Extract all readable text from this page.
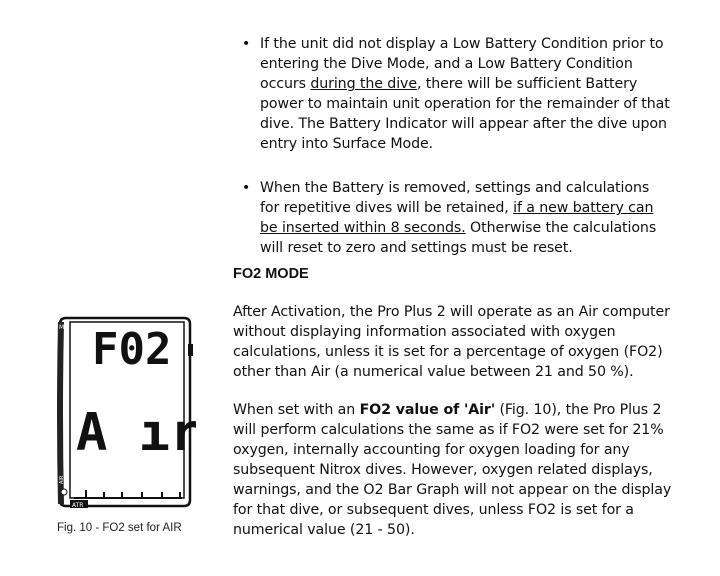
• If the unit did not display a Low Battery Condition prior to entering the Dive Mode, and a Low Battery Condition occurs during the dive, there will be sufficient Battery power to maintain unit operation for the remainder of that dive. The Battery Indicator will appear after the dive upon entry into Surface Mode.
• When the Battery is removed, settings and calculations for repetitive dives will be retained, if a new battery can be inserted within 8 seconds. Otherwise the calculations will reset to zero and settings must be reset.
FO2 MODE
After Activation, the Pro Plus 2 will operate as an Air computer without displaying information associated with oxygen calculations, unless it is set for a percentage of oxygen (FO2) other than Air (a numerical value between 21 and 50 %).
When set with an FO2 value of 'Air' (Fig. 10), the Pro Plus 2 will perform calculations the same as if FO2 were set for 21% oxygen, internally accounting for oxygen loading for any subsequent Nitrox dives. However, oxygen related displays, warnings, and the O2 Bar Graph will not appear on the display for that dive, or subsequent dives, unless FO2 is set for a numerical value (21 - 50).
M
AIR
F02
A ır
ATR
Fig. 10 - FO2 set for AIR
